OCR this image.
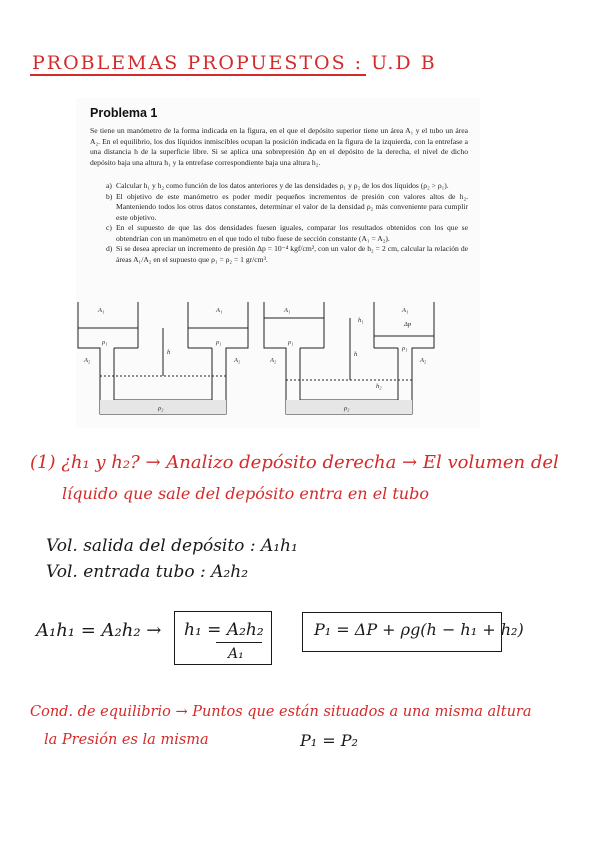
PROBLEMAS PROPUESTOS : U.D B
Problema 1
Se tiene un manómetro de la forma indicada en la figura, en el que el depósito superior tiene un área A₁ y el tubo un área A₂. En el equilibrio, los dos líquidos inmiscibles ocupan la posición indicada en la figura de la izquierda, con la entrefase a una distancia h de la superficie libre. Si se aplica una sobrepresión Δp en el depósito de la derecha, el nivel de dicho depósito baja una altura h₁ y la entrefase correspondiente baja una altura h₂.
a) Calcular h₁ y h₂ como función de los datos anteriores y de las densidades ρ₁ y ρ₂ de los dos líquidos (ρ₂ > ρ₁).
b) El objetivo de este manómetro es poder medir pequeños incrementos de presión con valores altos de h₂. Manteniendo todos los otros datos constantes, determinar el valor de la densidad ρ₂ más conveniente para cumplir este objetivo.
c) En el supuesto de que las dos densidades fuesen iguales, comparar los resultados obtenidos con los que se obtendrían con un manómetro en el que todo el tubo fuese de sección constante (A₁ = A₂).
d) Si se desea apreciar un incremento de presión Δp = 10⁻⁴ kgf/cm², con un valor de h₂ = 2 cm, calcular la relación de áreas A₁/A₂ en el supuesto que ρ₁ = ρ₂ = 1 gr/cm³.
A₁	A₁
A₂	A₂
ρ₁	ρ₁
h
ρ₂
A₁	A₁
Δp
h₁
A₂	A₂
ρ₁
ρ₁
h
h₂
ρ₂
(1) ¿h₁ y h₂? → Analizo depósito derecha → El volumen del
líquido que sale del depósito entra en el tubo
Vol. salida del depósito : A₁h₁
Vol. entrada tubo : A₂h₂
A₁h₁ = A₂h₂ → h₁ = A₂h₂
A₁
P₁ = ΔP + ρg(h − h₁ + h₂)
Cond. de equilibrio → Puntos que están situados a una misma altura
la Presión es la misma	P₁ = P₂
